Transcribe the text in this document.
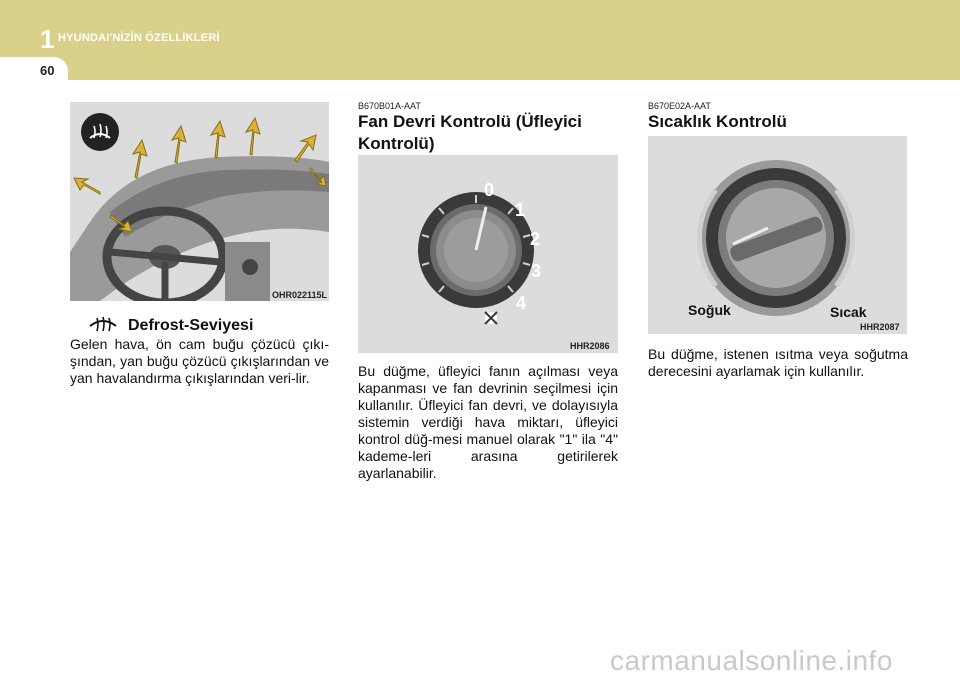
1 HYUNDAI'NİZİN ÖZELLİKLERİ
60
OHR022115L
Defrost-Seviyesi
Gelen hava, ön cam buğu çözücü çıkı-şından, yan buğu çözücü çıkışlarından ve yan havalandırma çıkışlarından veri-lir.
B670B01A-AAT
Fan Devri Kontrolü (Üfleyici Kontrolü)
0
1
2
3
4
HHR2086
Bu düğme, üfleyici fanın açılması veya kapanması ve fan devrinin seçilmesi için kullanılır. Üfleyici fan devri, ve dolayısıyla sistemin verdiği hava miktarı, üfleyici kontrol düğ-mesi manuel olarak "1" ila "4" kademe-leri arasına getirilerek ayarlanabilir.
B670E02A-AAT
Sıcaklık Kontrolü
Soğuk	Sıcak
HHR2087
Bu düğme, istenen ısıtma veya soğutma derecesini ayarlamak için kullanılır.
carmanualsonline.info
